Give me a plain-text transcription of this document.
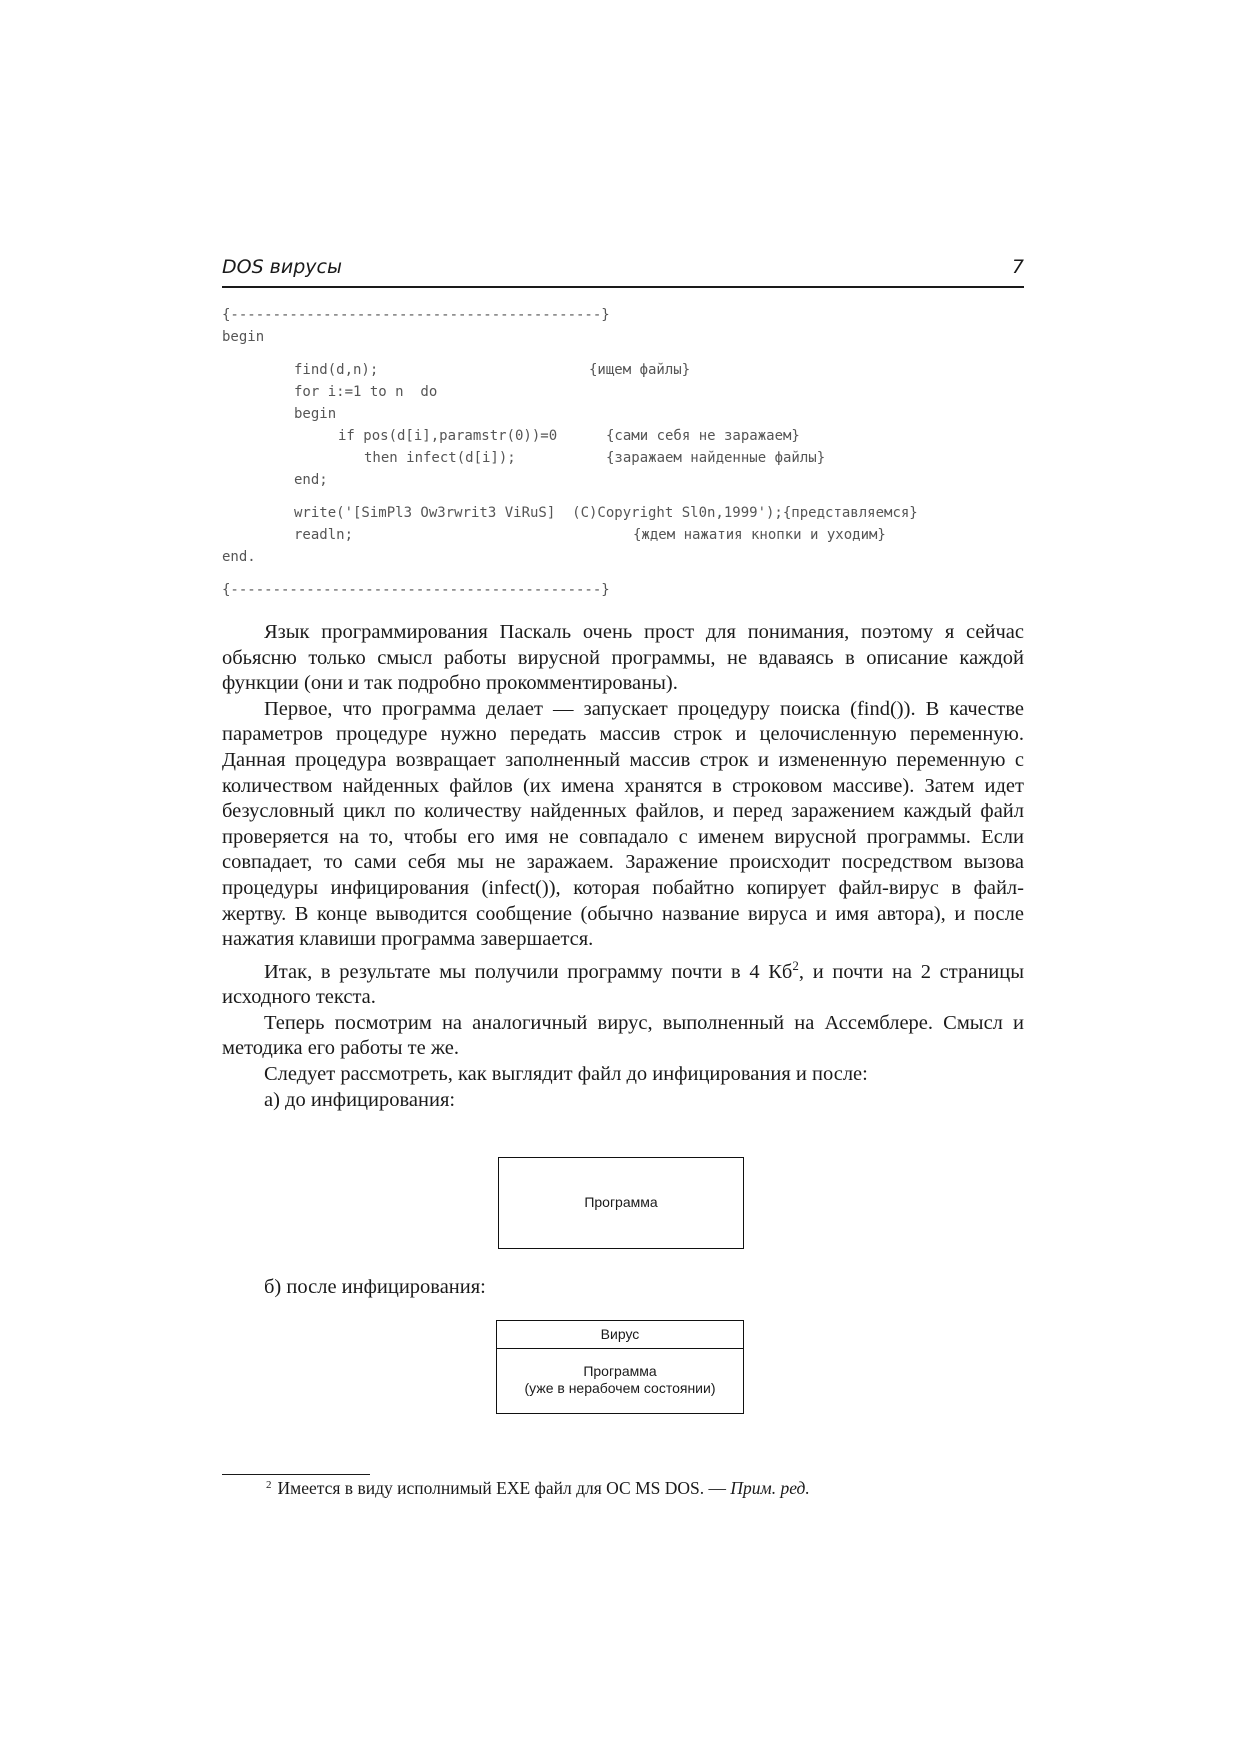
DOS вирусы	7
{--------------------------------------------}
begin
find(d,n);	{ищем файлы}
for i:=1 to n  do
begin
if pos(d[i],paramstr(0))=0	{сами себя не заражаем}
then infect(d[i]);	{заражаем найденные файлы}
end;
write('[SimPl3 Ow3rwrit3 ViRuS]  (C)Copyright Sl0n,1999');{представляемся}
readln;	{ждем нажатия кнопки и уходим}
end.
{--------------------------------------------}

Язык программирования Паскаль очень прост для понимания, поэтому я сейчас обьясню только смысл работы вирусной программы, не вдаваясь в описание каждой функции (они и так подробно прокомментированы).

Первое, что программа делает — запускает процедуру поиска (find()). В качестве параметров процедуре нужно передать массив строк и целочисленную переменную. Данная процедура возвращает заполненный массив строк и измененную переменную с количеством найденных файлов (их имена хранятся в строковом массиве). Затем идет безусловный цикл по количеству найденных файлов, и перед заражением каждый файл проверяется на то, чтобы его имя не совпадало с именем вирусной программы. Если совпадает, то сами себя мы не заражаем. Заражение происходит посредством вызова процедуры инфицирования (infect()), которая побайтно копирует файл-вирус в файл-жертву. В конце выводится сообщение (обычно название вируса и имя автора), и после нажатия клавиши программа завершается.

Итак, в результате мы получили программу почти в 4 $Кб^2$, и почти на 2 страницы исходного текста.

Теперь посмотрим на аналогичный вирус, выполненный на Ассемблере. Смысл и методика его работы те же.

Следует рассмотреть, как выглядит файл до инфицирования и после:

а) до инфицирования:

Программа
б) после инфицирования:
Вирус
Программа
(уже в нерабочем состоянии)
$^2$ Имеется в виду исполнимый EXE файл для ОС MS DOS. — Прим. ред.
